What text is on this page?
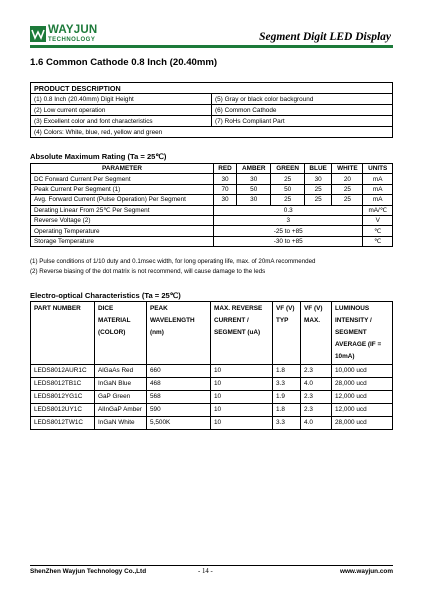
WAYJUN
TECHNOLOGY	Segment Digit LED Display
1.6 Common Cathode 0.8 Inch (20.40mm)
PRODUCT DESCRIPTION	
(1) 0.8 Inch (20.40mm) Digit Height	(5) Gray or black color background
(2) Low current operation	(6) Common Cathode
(3) Excellent color and font characteristics	(7) RoHs Compliant Part
(4) Colors: White, blue, red, yellow and green	
Absolute Maximum Rating (Ta = 25℃)
PARAMETER	RED	AMBER	GREEN	BLUE	WHITE	UNITS
DC Forward Current Per Segment	30	30	25	30	20	mA
Peak Current Per Segment (1)	70	50	50	25	25	mA
Avg. Forward Current (Pulse Operation) Per Segment	30	30	25	25	25	mA
Derating Linear From 25℃ Per Segment	0.3					mA/℃
Reverse Voltage (2)	3					V
Operating Temperature	-25 to +85					℃
Storage Temperature	-30 to +85					℃
(1) Pulse conditions of 1/10 duty and 0.1msec width, for long operating life, max. of 20mA recommended
(2) Reverse biasing of the dot matrix is not recommend, will cause damage to the leds
Electro-optical Characteristics (Ta = 25℃)
PART NUMBER	DICE MATERIAL (COLOR)	PEAK WAVELENGTH (nm)	MAX. REVERSE CURRENT / SEGMENT (uA)	VF (V) TYP	VF (V) MAX.	LUMINOUS INTENSITY / SEGMENT AVERAGE (IF = 10mA)
LEDS8012AUR1C	AlGaAs Red	660	10	1.8	2.3	10,000 ucd
LEDS8012TB1C	InGaN Blue	468	10	3.3	4.0	28,000 ucd
LEDS8012YG1C	GaP Green	568	10	1.9	2.3	12,000 ucd
LEDS8012UY1C	AlInGaP Amber	590	10	1.8	2.3	12,000 ucd
LEDS8012TW1C	InGaN White	5,500K	10	3.3	4.0	28,000 ucd
ShenZhen Wayjun Technology Co.,Ltd	- 14 -	www.wayjun.com
